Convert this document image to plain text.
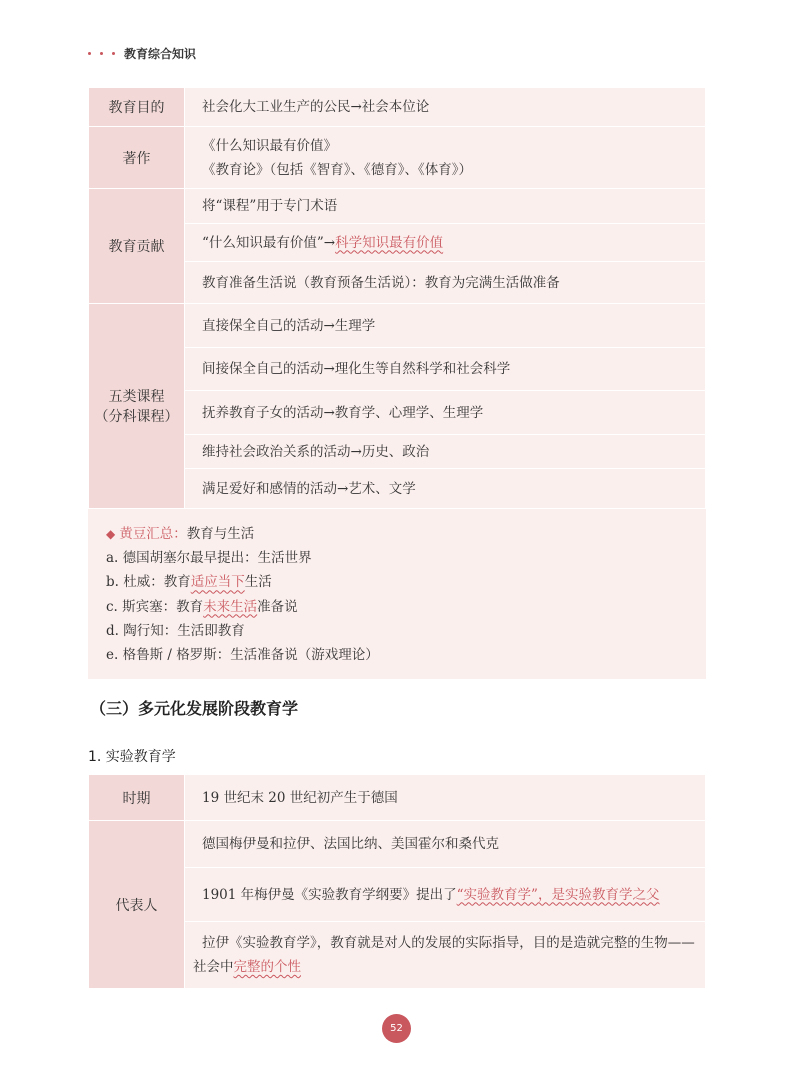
教育综合知识
教育目的	社会化大工业生产的公民→社会本位论
著作	《什么知识最有价值》
《教育论》（包括《智育》、《德育》、《体育》）

教育贡献	将“课程”用于专门术语
	“什么知识最有价值”→科学知识最有价值
	教育准备生活说（教育预备生活说）：教育为完满生活做准备

五类课程
（分科课程）	直接保全自己的活动→生理学
	间接保全自己的活动→理化生等自然科学和社会科学
	抚养教育子女的活动→教育学、心理学、生理学
	维持社会政治关系的活动→历史、政治
	满足爱好和感情的活动→艺术、文学
◆ 黄豆汇总：教育与生活
a. 德国胡塞尔最早提出：生活世界
b. 杜威：教育适应当下生活
c. 斯宾塞：教育未来生活准备说
d. 陶行知：生活即教育
e. 格鲁斯 / 格罗斯：生活准备说（游戏理论）
（三）多元化发展阶段教育学
1. 实验教育学
时期	19 世纪末 20 世纪初产生于德国
代表人	德国梅伊曼和拉伊、法国比纳、美国霍尔和桑代克
	1901 年梅伊曼《实验教育学纲要》提出了“实验教育学”，是实验教育学之父

	拉伊《实验教育学》，教育就是对人的发展的实际指导，目的是造就完整的生物——
社会中完整的个性
52
